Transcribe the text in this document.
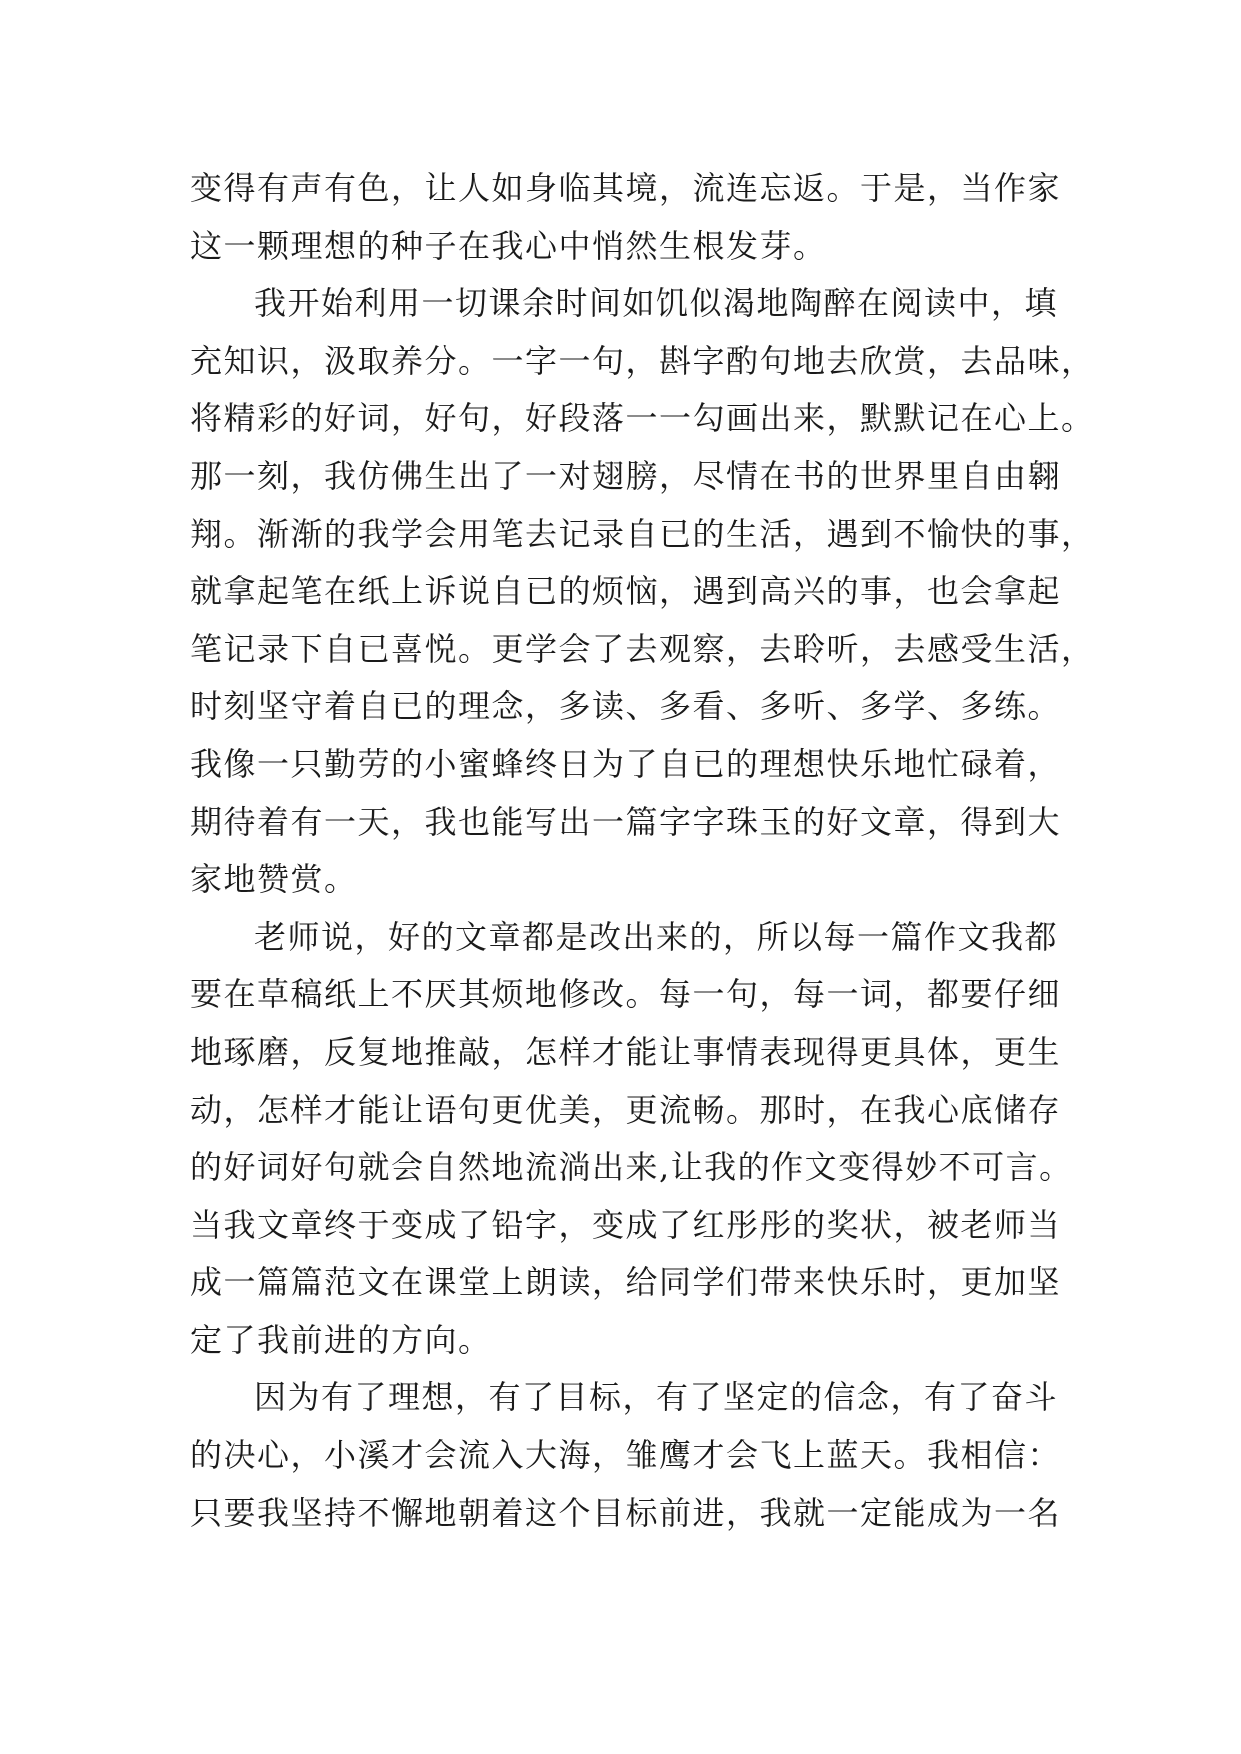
变得有声有色，让人如身临其境，流连忘返。于是，当作家
这一颗理想的种子在我心中悄然生根发芽。
我开始利用一切课余时间如饥似渴地陶醉在阅读中，填
充知识，汲取养分。一字一句，斟字酌句地去欣赏，去品味，
将精彩的好词，好句，好段落一一勾画出来，默默记在心上。
那一刻，我仿佛生出了一对翅膀，尽情在书的世界里自由翱
翔。渐渐的我学会用笔去记录自已的生活，遇到不愉快的事，
就拿起笔在纸上诉说自已的烦恼，遇到高兴的事，也会拿起
笔记录下自已喜悦。更学会了去观察，去聆听，去感受生活，
时刻坚守着自已的理念，多读、多看、多听、多学、多练。
我像一只勤劳的小蜜蜂终日为了自已的理想快乐地忙碌着，
期待着有一天，我也能写出一篇字字珠玉的好文章，得到大
家地赞赏。
老师说，好的文章都是改出来的，所以每一篇作文我都
要在草稿纸上不厌其烦地修改。每一句，每一词，都要仔细
地琢磨，反复地推敲，怎样才能让事情表现得更具体，更生
动，怎样才能让语句更优美，更流畅。那时，在我心底储存
的好词好句就会自然地流淌出来,让我的作文变得妙不可言。
当我文章终于变成了铅字，变成了红彤彤的奖状，被老师当
成一篇篇范文在课堂上朗读，给同学们带来快乐时，更加坚
定了我前进的方向。
因为有了理想，有了目标，有了坚定的信念，有了奋斗
的决心，小溪才会流入大海，雏鹰才会飞上蓝天。我相信：
只要我坚持不懈地朝着这个目标前进，我就一定能成为一名
